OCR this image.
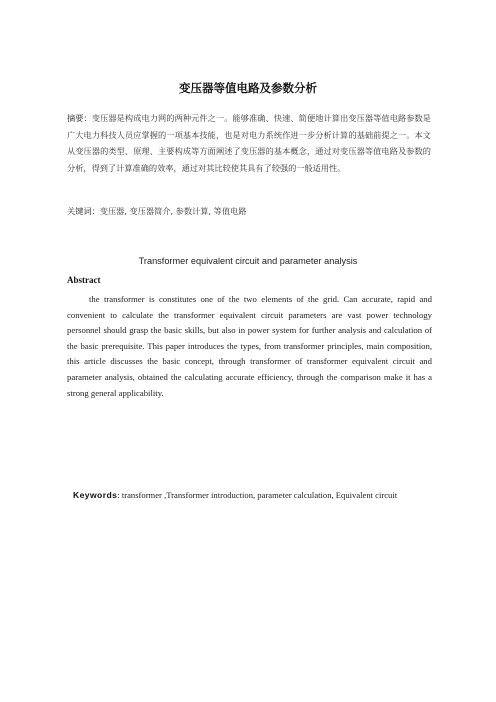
变压器等值电路及参数分析
摘要：变压器是构成电力网的两种元件之一。能够准确、快速、简便地计算出变压器等值电路参数是广大电力科技人员应掌握的一项基本技能，也是对电力系统作进一步分析计算的基础前提之一。本文从变压器的类型、原理、主要构成等方面阐述了变压器的基本概念，通过对变压器等值电路及参数的分析，得到了计算准确的效率，通过对其比较使其具有了较强的一般适用性。
关键词：变压器, 变压器简介, 参数计算, 等值电路
Transformer equivalent circuit and parameter analysis
Abstract
the transformer is constitutes one of the two elements of the grid. Can accurate, rapid and convenient to calculate the transformer equivalent circuit parameters are vast power technology personnel should grasp the basic skills, but also in power system for further analysis and calculation of the basic prerequisite. This paper introduces the types, from transformer principles, main composition, this article discusses the basic concept, through transformer of transformer equivalent circuit and parameter analysis, obtained the calculating accurate efficiency, through the comparison make it has a strong general applicability.
Keywords: transformer ,Transformer introduction, parameter calculation, Equivalent circuit
